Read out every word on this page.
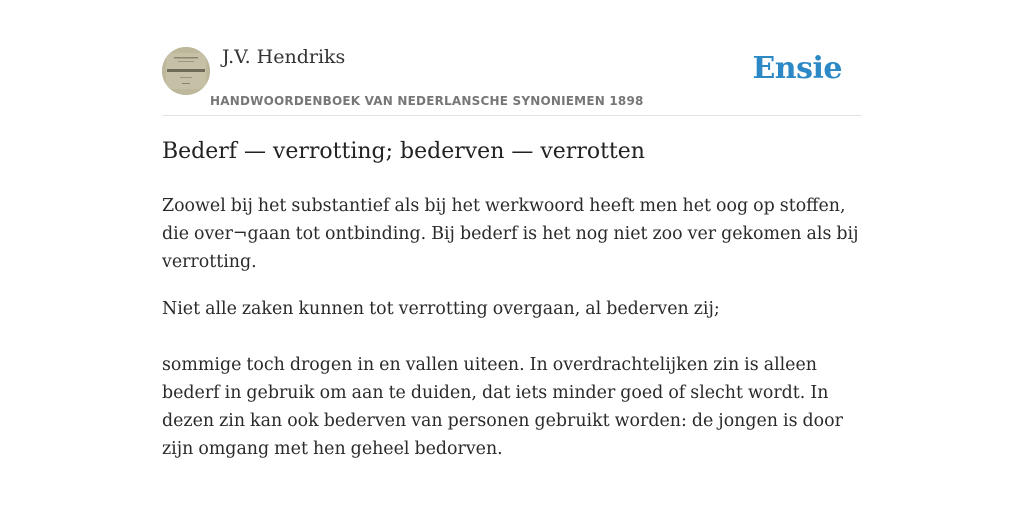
J.V. Hendriks
HANDWOORDENBOEK VAN NEDERLANSCHE SYNONIEMEN 1898
Ensie
Bederf — verrotting; bederven — verrotten

Zoowel bij het substantief als bij het werkwoord heeft men het oog op stoffen, die over¬gaan tot ontbinding. Bij bederf is het nog niet zoo ver gekomen als bij verrotting.

Niet alle zaken kunnen tot verrotting overgaan, al bederven zij;

sommige toch drogen in en vallen uiteen. In overdrachtelijken zin is alleen bederf in gebruik om aan te duiden, dat iets minder goed of slecht wordt. In dezen zin kan ook bederven van personen gebruikt worden: de jongen is door zijn omgang met hen geheel bedorven.
